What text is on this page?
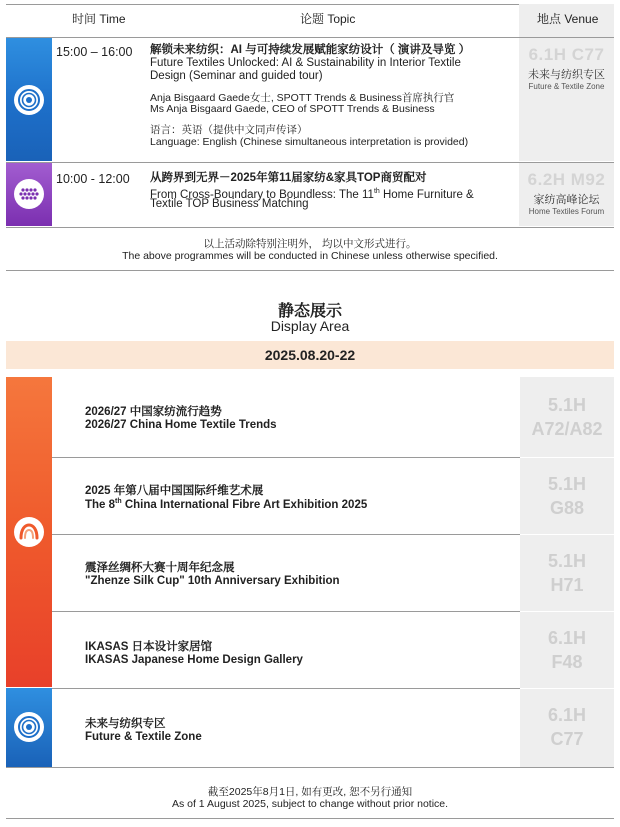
时间 Time	论题 Topic	地点 Venue
15:00 – 16:00 解锁未来纺织：AI 与可持续发展赋能家纺设计（ 演讲及导览 ）
Future Textiles Unlocked: AI & Sustainability in Interior Textile
Design (Seminar and guided tour)
Anja Bisgaard Gaede女士, SPOTT Trends & Business首席执行官
Ms Anja Bisgaard Gaede, CEO of SPOTT Trends & Business
语言：英语（提供中文同声传译）
Language: English (Chinese simultaneous interpretation is provided)
6.1H C77
未来与纺织专区
Future & Textile Zone
10:00 - 12:00 从跨界到无界－2025年第11届家纺&家具TOP商贸配对
From Cross-Boundary to Boundless: The 11th Home Furniture &
Textile TOP Business Matching
6.2H M92
家纺高峰论坛
Home Textiles Forum
以上活动除特别注明外， 均以中文形式进行。
The above programmes will be conducted in Chinese unless otherwise specified.
静态展示
Display Area
2025.08.20-22
2026/27 中国家纺流行趋势
2026/27 China Home Textile Trends
5.1H
A72/A82
2025 年第八届中国国际纤维艺术展
The 8th China International Fibre Art Exhibition 2025
5.1H
G88
震泽丝绸杯大赛十周年纪念展
"Zhenze Silk Cup" 10th Anniversary Exhibition
5.1H
H71
IKASAS 日本设计家居馆
IKASAS Japanese Home Design Gallery
6.1H
F48
未来与纺织专区
Future & Textile Zone
6.1H
C77
截至2025年8月1日, 如有更改, 恕不另行通知
As of 1 August 2025, subject to change without prior notice.
